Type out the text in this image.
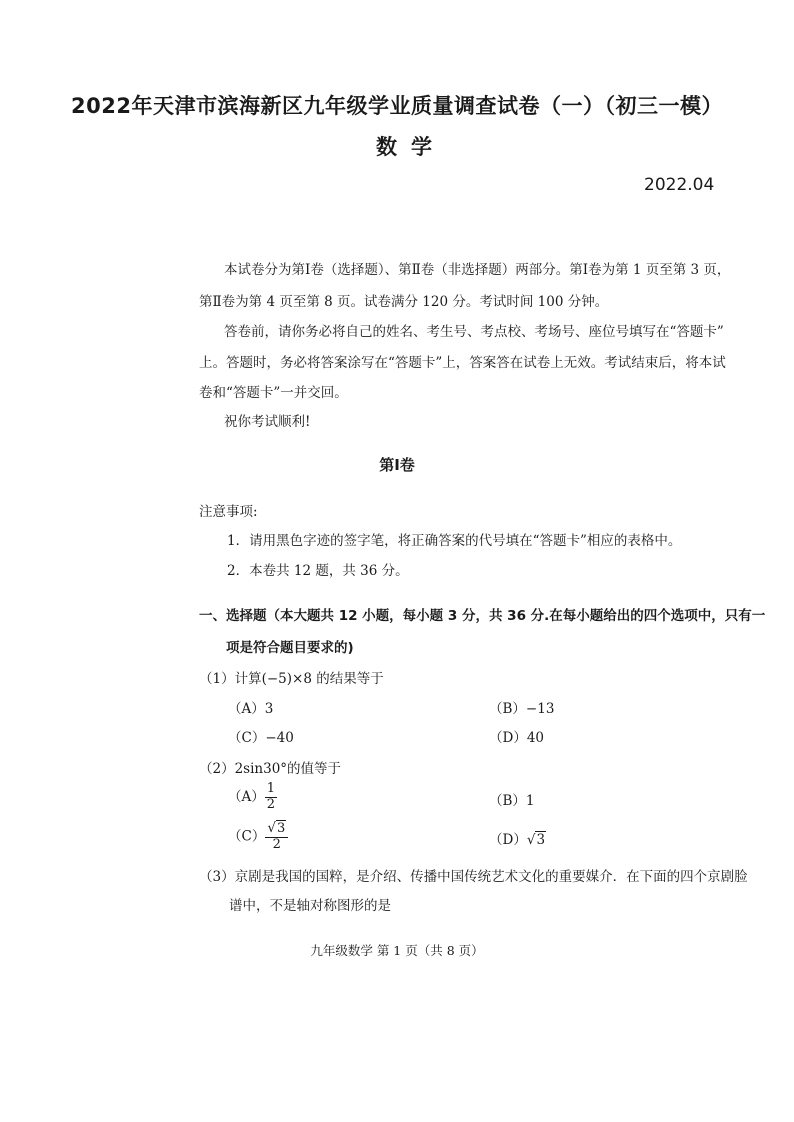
2022年天津市滨海新区九年级学业质量调查试卷（一）（初三一模）
数学
2022.04
本试卷分为第Ⅰ卷（选择题）、第Ⅱ卷（非选择题）两部分。第Ⅰ卷为第 1 页至第 3 页，
第Ⅱ卷为第 4 页至第 8 页。试卷满分 120 分。考试时间 100 分钟。
答卷前，请你务必将自己的姓名、考生号、考点校、考场号、座位号填写在“答题卡”
上。答题时，务必将答案涂写在“答题卡”上，答案答在试卷上无效。考试结束后，将本试
卷和“答题卡”一并交回。
祝你考试顺利!
第Ⅰ卷
注意事项:
1．请用黑色字迹的签字笔，将正确答案的代号填在“答题卡”相应的表格中。
2．本卷共 12 题，共 36 分。
一、选择题（本大题共 12 小题，每小题 3 分，共 36 分.在每小题给出的四个选项中，只有一
项是符合题目要求的)
（1）计算(−5)×8 的结果等于
（A）3	（B）−13
（C）−40	（D）40
（2）2sin30°的值等于
$(A) \frac{1}{2}$	（B）1
$(C) \frac{√3}{2}$	（D）√3
（3）京剧是我国的国粹，是介绍、传播中国传统艺术文化的重要媒介．在下面的四个京剧脸
谱中，不是轴对称图形的是
九年级数学 第 1 页（共 8 页）
